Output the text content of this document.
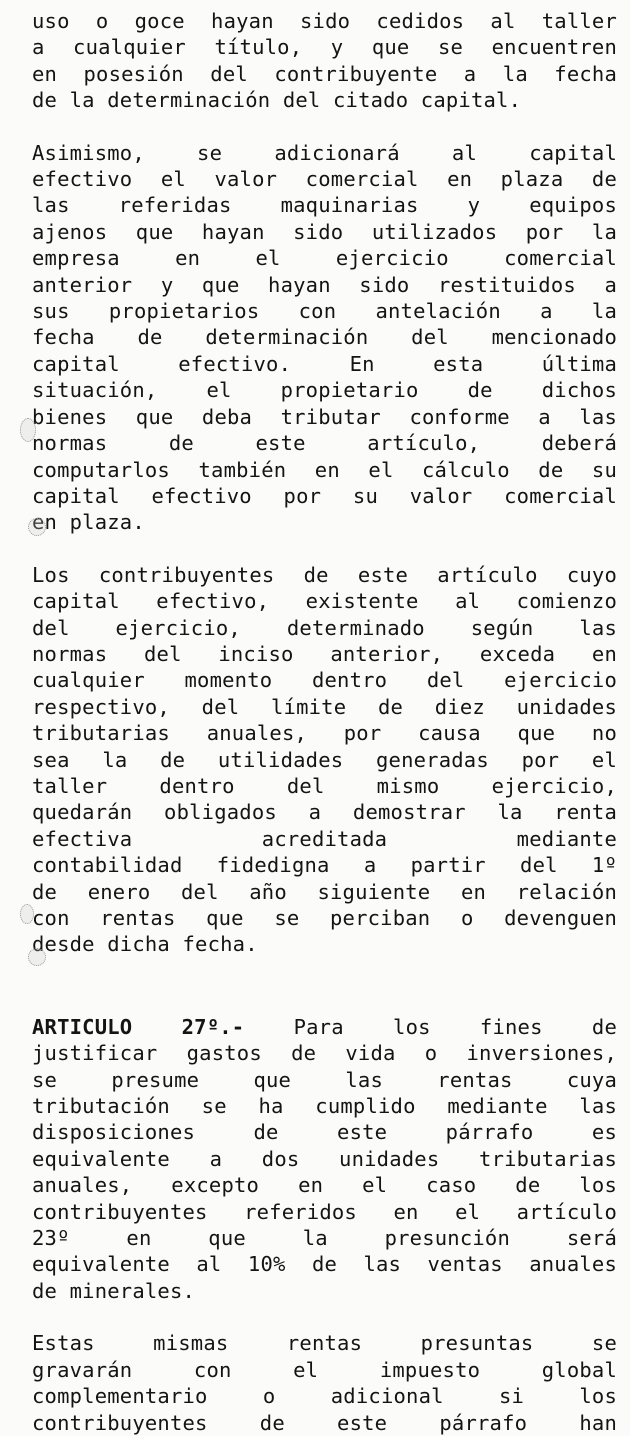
uso o goce hayan sido cedidos al taller
a cualquier título, y que se encuentren
en posesión del contribuyente a la fecha
de la determinación del citado capital.
Asimismo, se adicionará al capital
efectivo el valor comercial en plaza de
las referidas maquinarias y equipos
ajenos que hayan sido utilizados por la
empresa en el ejercicio comercial
anterior y que hayan sido restituidos a
sus propietarios con antelación a la
fecha de determinación del mencionado
capital efectivo. En esta última
situación, el propietario de dichos
bienes que deba tributar conforme a las
normas de este artículo, deberá
computarlos también en el cálculo de su
capital efectivo por su valor comercial
en plaza.
Los contribuyentes de este artículo cuyo
capital efectivo, existente al comienzo
del ejercicio, determinado según las
normas del inciso anterior, exceda en
cualquier momento dentro del ejercicio
respectivo, del límite de diez unidades
tributarias anuales, por causa que no
sea la de utilidades generadas por el
taller dentro del mismo ejercicio,
quedarán obligados a demostrar la renta
efectiva acreditada mediante
contabilidad fidedigna a partir del 1º
de enero del año siguiente en relación
con rentas que se perciban o devenguen
desde dicha fecha.
ARTICULO 27º.- Para los fines de
justificar gastos de vida o inversiones,
se presume que las rentas cuya
tributación se ha cumplido mediante las
disposiciones de este párrafo es
equivalente a dos unidades tributarias
anuales, excepto en el caso de los
contribuyentes referidos en el artículo
23º en que la presunción será
equivalente al 10% de las ventas anuales
de minerales.
Estas mismas rentas presuntas se
gravarán con el impuesto global
complementario o adicional si los
contribuyentes de este párrafo han
